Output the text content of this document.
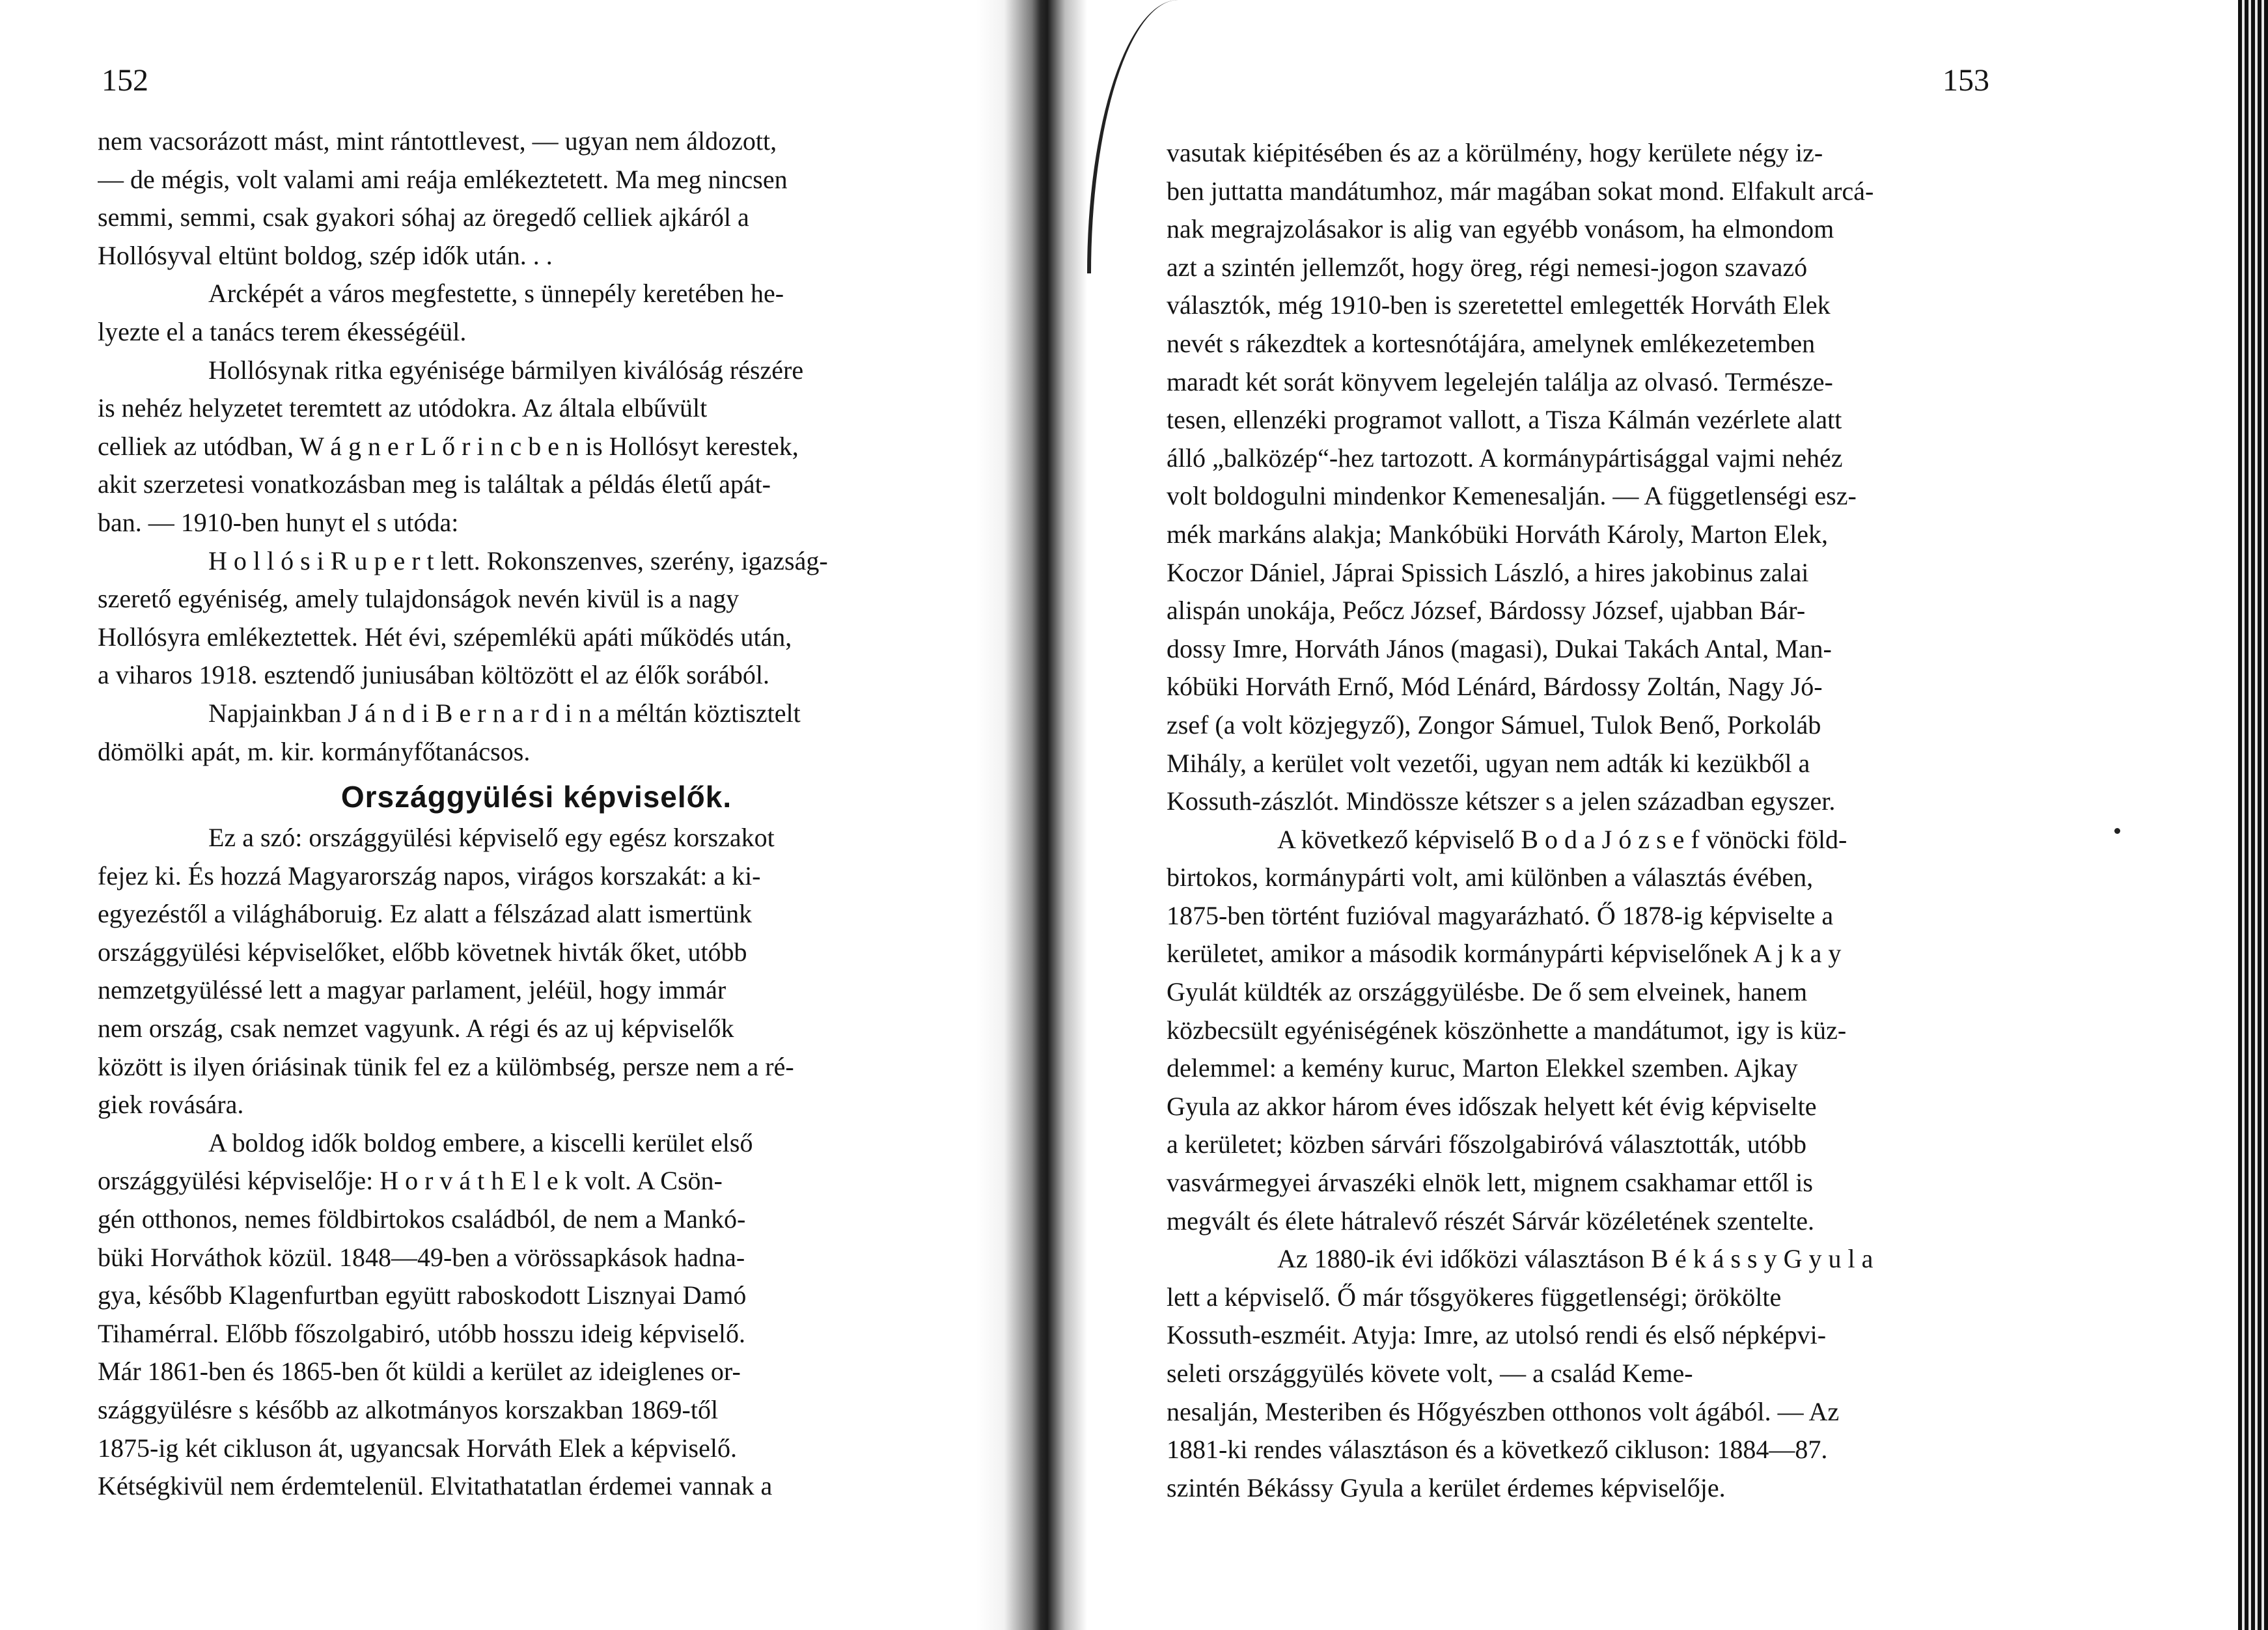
152
nem vacsorázott mást, mint rántottlevest, — ugyan nem áldozott,
— de mégis, volt valami ami reája emlékeztetett. Ma meg nincsen
semmi, semmi, csak gyakori sóhaj az öregedő celliek ajkáról a
Hollósyval eltünt boldog, szép idők után. . .
Arcképét a város megfestette, s ünnepély keretében he-
lyezte el a tanács terem ékességéül.
Hollósynak ritka egyénisége bármilyen kiválóság részére
is nehéz helyzetet teremtett az utódokra. Az általa elbűvült
celliek az utódban, W á g n e r L ő r i n c b e n is Hollósyt kerestek,
akit szerzetesi vonatkozásban meg is találtak a példás életű apát-
ban. — 1910-ben hunyt el s utóda:
H o l l ó s i R u p e r t lett. Rokonszenves, szerény, igazság-
szerető egyéniség, amely tulajdonságok nevén kivül is a nagy
Hollósyra emlékeztettek. Hét évi, szépemlékü apáti működés után,
a viharos 1918. esztendő juniusában költözött el az élők sorából.
Napjainkban J á n d i B e r n a r d i n a méltán köztisztelt
dömölki apát, m. kir. kormányfőtanácsos.
Országgyülési képviselők.
Ez a szó: országgyülési képviselő egy egész korszakot
fejez ki. És hozzá Magyarország napos, virágos korszakát: a ki-
egyezéstől a világháboruig. Ez alatt a félszázad alatt ismertünk
országgyülési képviselőket, előbb követnek hivták őket, utóbb
nemzetgyüléssé lett a magyar parlament, jeléül, hogy immár
nem ország, csak nemzet vagyunk. A régi és az uj képviselők
között is ilyen óriásinak tünik fel ez a külömbség, persze nem a ré-
giek rovására.
A boldog idők boldog embere, a kiscelli kerület első
országgyülési képviselője: H o r v á t h E l e k volt. A Csön-
gén otthonos, nemes földbirtokos családból, de nem a Mankó-
büki Horváthok közül. 1848—49-ben a vörössapkások hadna-
gya, később Klagenfurtban együtt raboskodott Lisznyai Damó
Tihamérral. Előbb főszolgabiró, utóbb hosszu ideig képviselő.
Már 1861-ben és 1865-ben őt küldi a kerület az ideiglenes or-
szággyülésre s később az alkotmányos korszakban 1869-től
1875-ig két cikluson át, ugyancsak Horváth Elek a képviselő.
Kétségkivül nem érdemtelenül. Elvitathatatlan érdemei vannak a
153
vasutak kiépitésében és az a körülmény, hogy kerülete négy iz-
ben juttatta mandátumhoz, már magában sokat mond. Elfakult arcá-
nak megrajzolásakor is alig van egyébb vonásom, ha elmondom
azt a szintén jellemzőt, hogy öreg, régi nemesi-jogon szavazó
választók, még 1910-ben is szeretettel emlegették Horváth Elek
nevét s rákezdtek a kortesnótájára, amelynek emlékezetemben
maradt két sorát könyvem legelején találja az olvasó. Természe-
tesen, ellenzéki programot vallott, a Tisza Kálmán vezérlete alatt
álló „balközép“-hez tartozott. A kormánypártisággal vajmi nehéz
volt boldogulni mindenkor Kemenesalján. — A függetlenségi esz-
mék markáns alakja; Mankóbüki Horváth Károly, Marton Elek,
Koczor Dániel, Jáprai Spissich László, a hires jakobinus zalai
alispán unokája, Peőcz József, Bárdossy József, ujabban Bár-
dossy Imre, Horváth János (magasi), Dukai Takách Antal, Man-
kóbüki Horváth Ernő, Mód Lénárd, Bárdossy Zoltán, Nagy Jó-
zsef (a volt közjegyző), Zongor Sámuel, Tulok Benő, Porkoláb
Mihály, a kerület volt vezetői, ugyan nem adták ki kezükből a
Kossuth-zászlót. Mindössze kétszer s a jelen században egyszer.
A következő képviselő B o d a J ó z s e f vönöcki föld-
birtokos, kormánypárti volt, ami különben a választás évében,
1875-ben történt fuzióval magyarázható. Ő 1878-ig képviselte a
kerületet, amikor a második kormánypárti képviselőnek A j k a y
Gyulát küldték az országgyülésbe. De ő sem elveinek, hanem
közbecsült egyéniségének köszönhette a mandátumot, igy is küz-
delemmel: a kemény kuruc, Marton Elekkel szemben. Ajkay
Gyula az akkor három éves időszak helyett két évig képviselte
a kerületet; közben sárvári főszolgabiróvá választották, utóbb
vasvármegyei árvaszéki elnök lett, mignem csakhamar ettől is
megvált és élete hátralevő részét Sárvár közéletének szentelte.
Az 1880-ik évi időközi választáson B é k á s s y G y u l a
lett a képviselő. Ő már tősgyökeres függetlenségi; örökölte
Kossuth-eszméit. Atyja: Imre, az utolsó rendi és első népképvi-
seleti országgyülés követe volt, — a család Keme-
nesalján, Mesteriben és Hőgyészben otthonos volt ágából. — Az
1881-ki rendes választáson és a következő cikluson: 1884—87.
szintén Békássy Gyula a kerület érdemes képviselője.
